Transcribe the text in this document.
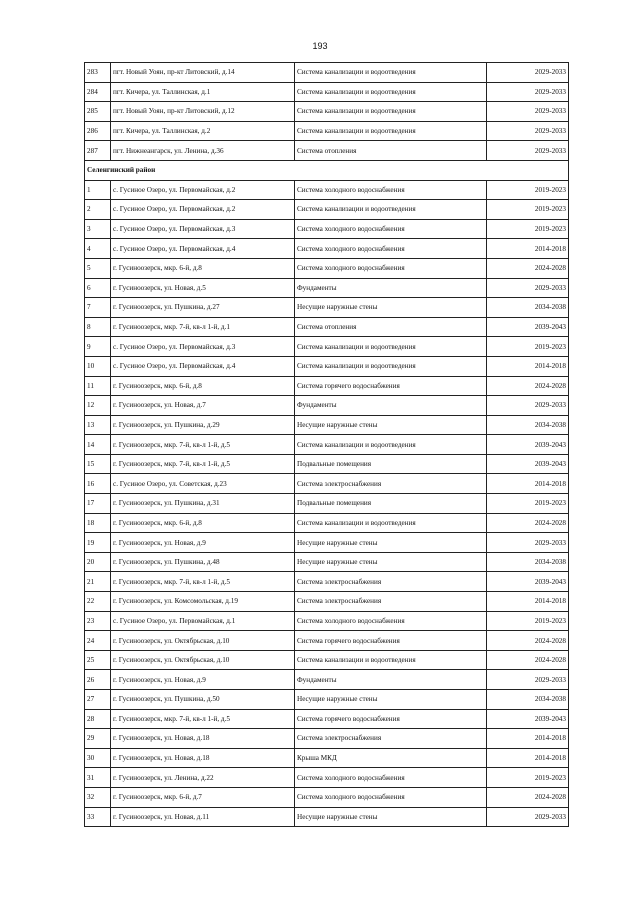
193
283	пгт. Новый Уоян, пр-кт Литовский, д.14	Система канализации и водоотведения	2029-2033
284	пгт. Кичера, ул. Таллинская, д.1	Система канализации и водоотведения	2029-2033
285	пгт. Новый Уоян, пр-кт Литовский, д.12	Система канализации и водоотведения	2029-2033
286	пгт. Кичера, ул. Таллинская, д.2	Система канализации и водоотведения	2029-2033
287	пгт. Нижнеангарск, ул. Ленина, д.36	Система отопления	2029-2033
Селенгинский район			
1	с. Гусиное Озеро, ул. Первомайская, д.2	Система холодного водоснабжения	2019-2023
2	с. Гусиное Озеро, ул. Первомайская, д.2	Система канализации и водоотведения	2019-2023
3	с. Гусиное Озеро, ул. Первомайская, д.3	Система холодного водоснабжения	2019-2023
4	с. Гусиное Озеро, ул. Первомайская, д.4	Система холодного водоснабжения	2014-2018
5	г. Гусиноозерск, мкр. 6-й, д.8	Система холодного водоснабжения	2024-2028
6	г. Гусиноозерск, ул. Новая, д.5	Фундаменты	2029-2033
7	г. Гусиноозерск, ул. Пушкина, д.27	Несущие наружные стены	2034-2038
8	г. Гусиноозерск, мкр. 7-й, кв-л 1-й, д.1	Система отопления	2039-2043
9	с. Гусиное Озеро, ул. Первомайская, д.3	Система канализации и водоотведения	2019-2023
10	с. Гусиное Озеро, ул. Первомайская, д.4	Система канализации и водоотведения	2014-2018
11	г. Гусиноозерск, мкр. 6-й, д.8	Система горячего водоснабжения	2024-2028
12	г. Гусиноозерск, ул. Новая, д.7	Фундаменты	2029-2033
13	г. Гусиноозерск, ул. Пушкина, д.29	Несущие наружные стены	2034-2038
14	г. Гусиноозерск, мкр. 7-й, кв-л 1-й, д.5	Система канализации и водоотведения	2039-2043
15	г. Гусиноозерск, мкр. 7-й, кв-л 1-й, д.5	Подвальные помещения	2039-2043
16	с. Гусиное Озеро, ул. Советская, д.23	Система электроснабжения	2014-2018
17	г. Гусиноозерск, ул. Пушкина, д.31	Подвальные помещения	2019-2023
18	г. Гусиноозерск, мкр. 6-й, д.8	Система канализации и водоотведения	2024-2028
19	г. Гусиноозерск, ул. Новая, д.9	Несущие наружные стены	2029-2033
20	г. Гусиноозерск, ул. Пушкина, д.48	Несущие наружные стены	2034-2038
21	г. Гусиноозерск, мкр. 7-й, кв-л 1-й, д.5	Система электроснабжения	2039-2043
22	г. Гусиноозерск, ул. Комсомольская, д.19	Система электроснабжения	2014-2018
23	с. Гусиное Озеро, ул. Первомайская, д.1	Система холодного водоснабжения	2019-2023
24	г. Гусиноозерск, ул. Октябрьская, д.10	Система горячего водоснабжения	2024-2028
25	г. Гусиноозерск, ул. Октябрьская, д.10	Система канализации и водоотведения	2024-2028
26	г. Гусиноозерск, ул. Новая, д.9	Фундаменты	2029-2033
27	г. Гусиноозерск, ул. Пушкина, д.50	Несущие наружные стены	2034-2038
28	г. Гусиноозерск, мкр. 7-й, кв-л 1-й, д.5	Система горячего водоснабжения	2039-2043
29	г. Гусиноозерск, ул. Новая, д.18	Система электроснабжения	2014-2018
30	г. Гусиноозерск, ул. Новая, д.18	Крыша МКД	2014-2018
31	г. Гусиноозерск, ул. Ленина, д.22	Система холодного водоснабжения	2019-2023
32	г. Гусиноозерск, мкр. 6-й, д.7	Система холодного водоснабжения	2024-2028
33	г. Гусиноозерск, ул. Новая, д.11	Несущие наружные стены	2029-2033
